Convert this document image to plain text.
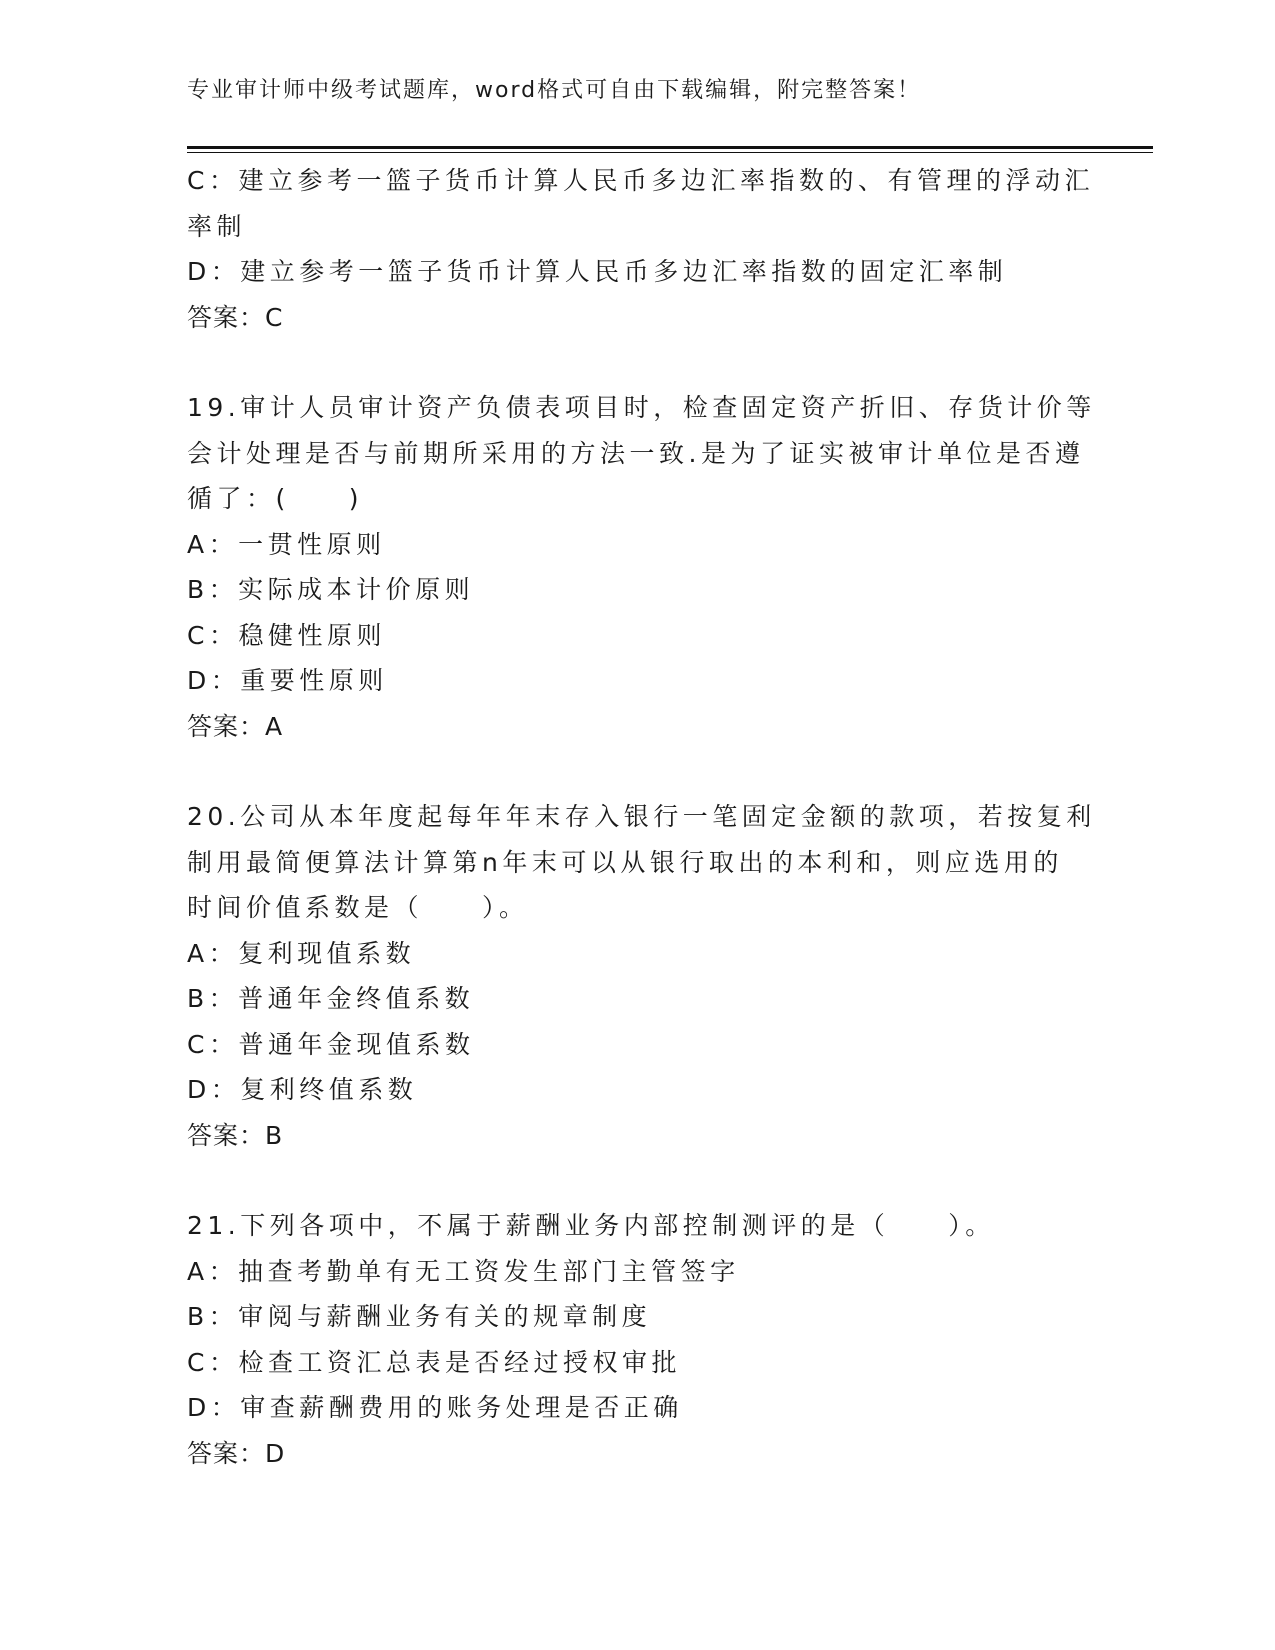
专业审计师中级考试题库，word格式可自由下载编辑，附完整答案！
C：建立参考一篮子货币计算人民币多边汇率指数的、有管理的浮动汇
率制
D：建立参考一篮子货币计算人民币多边汇率指数的固定汇率制
答案：C
19.审计人员审计资产负债表项目时，检查固定资产折旧、存货计价等
会计处理是否与前期所采用的方法一致.是为了证实被审计单位是否遵
循了：(　　)
A：一贯性原则
B：实际成本计价原则
C：稳健性原则
D：重要性原则
答案：A
20.公司从本年度起每年年末存入银行一笔固定金额的款项，若按复利
制用最简便算法计算第n年末可以从银行取出的本利和，则应选用的
时间价值系数是（　　）。
A：复利现值系数
B：普通年金终值系数
C：普通年金现值系数
D：复利终值系数
答案：B
21.下列各项中，不属于薪酬业务内部控制测评的是（　　）。
A：抽查考勤单有无工资发生部门主管签字
B：审阅与薪酬业务有关的规章制度
C：检查工资汇总表是否经过授权审批
D：审查薪酬费用的账务处理是否正确
答案：D
